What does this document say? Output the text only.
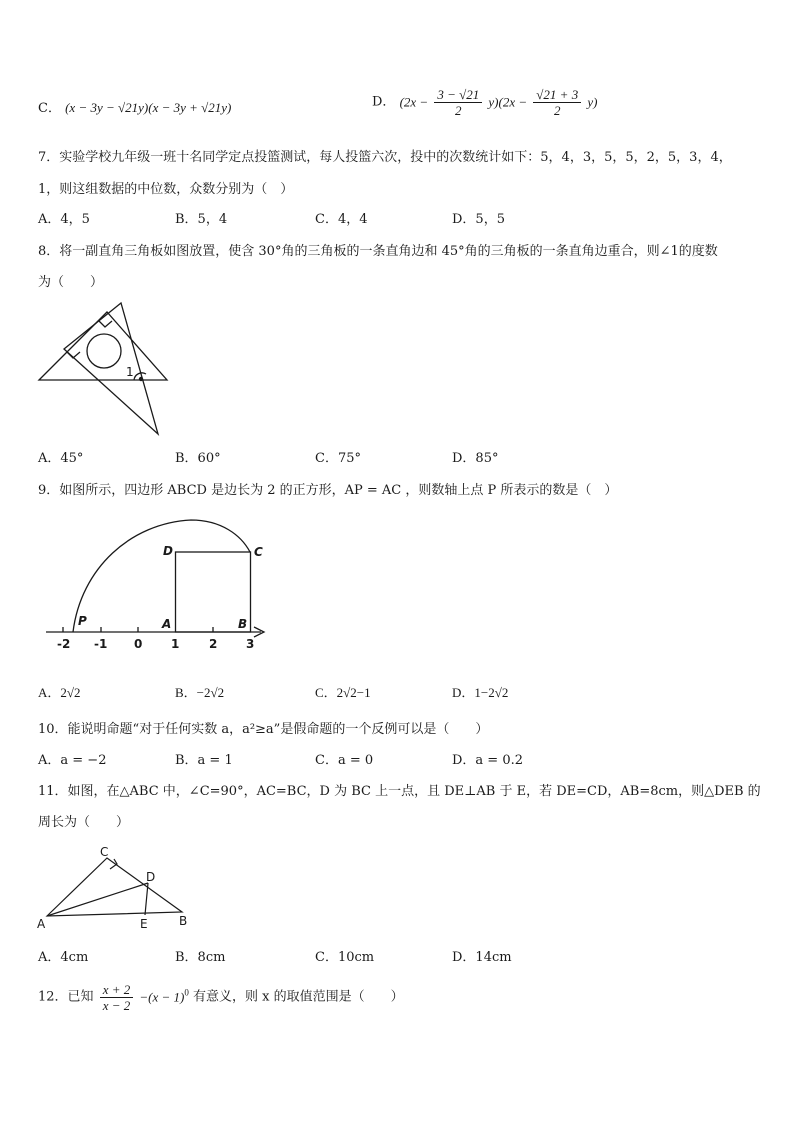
C． (x − 3y − √21y)(x − 3y + √21y)	D． $(2x - \frac{3 - √21}{2} y)(2x - \frac{√21 + 3}{2} y)$
7．实验学校九年级一班十名同学定点投篮测试，每人投篮六次，投中的次数统计如下：5，4，3，5，5，2，5，3，4，
1，则这组数据的中位数，众数分别为（　）
A．4，5	B．5，4	C．4，4	D．5，5
8．将一副直角三角板如图放置，使含 30°角的三角板的一条直角边和 45°角的三角板的一条直角边重合，则∠1的度数
为（　　）
1
A．45°	B．60°	C．75°	D．85°
9．如图所示，四边形 ABCD 是边长为 2 的正方形，AP = AC ，则数轴上点 P 所表示的数是（　）
D	C
P	A	B
-2 -1 0 1 2 3
A．2√2	B．−2√2	C．2√2−1	D．1−2√2
10．能说明命题“对于任何实数 a，a²≥a”是假命题的一个反例可以是（　　）
A．a = −2	B．a = 1	C．a = 0	D．a = 0.2
11．如图，在△ABC 中，∠C=90°，AC=BC，D 为 BC 上一点，且 DE⊥AB 于 E，若 DE=CD，AB=8cm，则△DEB 的
周长为（　　）
C
D
A	E	B
A．4cm	B．8cm	C．10cm	D．14cm
12．已知 $\frac{x + 2}{x - 2} -(x - 1)^0$ 有意义，则 x 的取值范围是（　　）
